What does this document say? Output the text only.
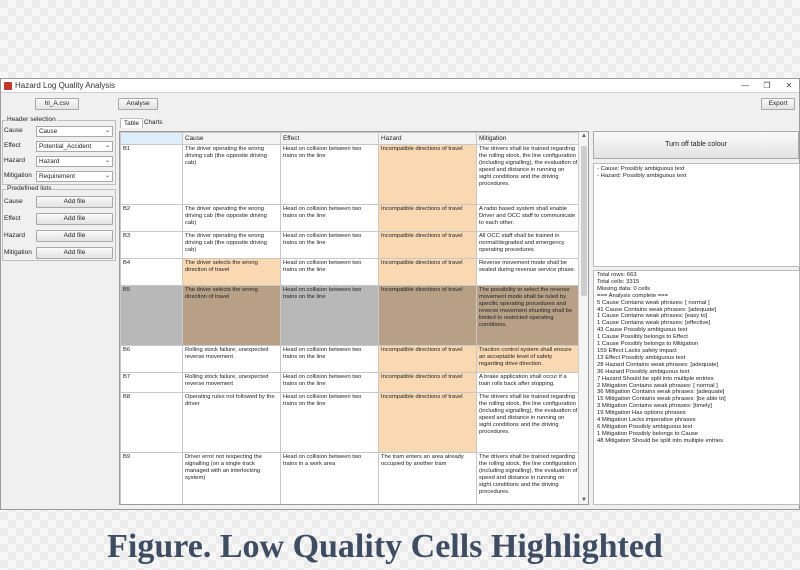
Hazard Log Quality Analysis	—	❐	✕
hl_A.csv	Analyse	Export
Header selection
Cause	Cause	⌄
Effect	Potential_Accident ⌄
Hazard	Hazard	⌄
Mitigation	Requirement	⌄
Predefined lists
Cause	Add file
Effect	Add file
Hazard	Add file
Mitigation	Add file
Table Charts
	Cause	Effect	Hazard	Mitigation
B1	The driver operating the wrong driving cab (the opposite driving cab)	Head on collision between two trains on the line	Incompatible directions of travel	The drivers shall be trained regarding the rolling stock, the line configuration (including signalling), the evaluation of speed and distance in running on sight conditions and the driving procedures.
B2	The driver operating the wrong driving cab (the opposite driving cab)	Head on collision between two trains on the line	Incompatible directions of travel	A radio based system shall enable Driver and OCC staff to communicate to each other.
B3	The driver operating the wrong driving cab (the opposite driving cab)	Head on collision between two trains on the line	Incompatible directions of travel	All OCC staff shall be trained in normal/degraded and emergency operating procedures
B4	The driver selects the wrong direction of travel	Head on collision between two trains on the line	Incompatible directions of travel	Reverse movement mode shall be sealed during revenue service phase.
B5	The driver selects the wrong direction of travel	Head on collision between two trains on the line	Incompatible directions of travel	The possibility to select the reverse movement mode shall be ruled by specific operating procedures and reverse movement shunting shall be limited to restricted operating conditions.
B6	Rolling stock failure, unexpected reverse movement	Head on collision between two trains on the line	Incompatible directions of travel	Traction control system shall ensure an acceptable level of safety regarding drive direction.
B7	Rolling stock failure, unexpected reverse movement	Head on collision between two trains on the line	Incompatible directions of travel	A brake application shall occur if a train rolls back after stopping.
B8	Operating rules not followed by the driver	Head on collision between two trains on the line	Incompatible directions of travel	The drivers shall be trained regarding the rolling stock, the line configuration (including signalling), the evaluation of speed and distance in running on sight conditions and the driving procedures.
B9	Driver error not respecting the signalling (on a single track managed with an interlocking system)	Head on collision between two trains in a work area	The tram enters an area already occupied by another tram	The drivers shall be trained regarding the rolling stock, the line configuration (including signalling), the evaluation of speed and distance in running on sight conditions and the driving procedures.
▲
▼
Turn off table colour
- Cause: Possibly ambiguous text
- Hazard: Possibly ambiguous text
Total rows: 663
Total cells: 3315
Missing data: 0 cells
=== Analysis complete ===
5 Cause Contains weak phrases: [ normal ]
41 Cause Contains weak phrases: [adequate]
1 Cause Contains weak phrases: [easy to]
1 Cause Contains weak phrases: [effective]
43 Cause Possibly ambiguous text
1 Cause Possibly belongs to Effect
1 Cause Possibly belongs to Mitigation
159 Effect Lacks safety impact
13 Effect Possibly ambiguous text
28 Hazard Contains weak phrases: [adequate]
36 Hazard Possibly ambiguous text
7 Hazard Should be split into multiple entries
2 Mitigation Contains weak phrases: [ normal ]
36 Mitigation Contains weak phrases: [adequate]
15 Mitigation Contains weak phrases: [be able to]
3 Mitigation Contains weak phrases: [timely]
19 Mitigation Has options phrases
4 Mitigation Lacks imperative phrases
6 Mitigation Possibly ambiguous text
1 Mitigation Possibly belongs to Cause
48 Mitigation Should be split into multiple entries
Figure. Low Quality Cells Highlighted
